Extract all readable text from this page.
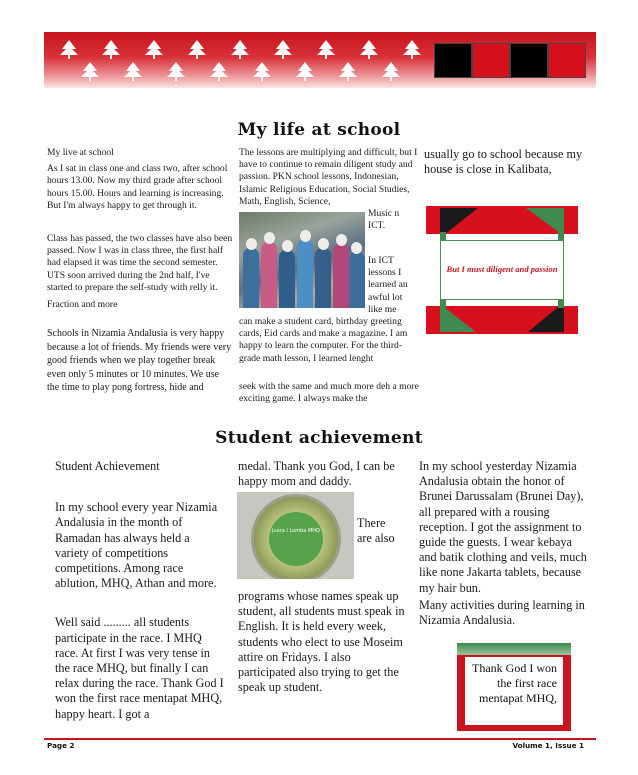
My life at school

My live at school

As I sat in class one and class two, after school hours 13.00. Now my third grade after school hours 15.00. Hours and learning is increasing. But I'm always happy to get through it.

Class has passed, the two classes have also been passed. Now I was in class three, the first half had elapsed it was time the second semester. UTS soon arrived during the 2nd half, I've started to prepare the self-study with relly it.

Fraction and more

Schools in Nizamia Andalusia is very happy because a lot of friends. My friends were very good friends when we play together break even only 5 minutes or 10 minutes. We use the time to play pong fortress, hide and

The lessons are multiplying and difficult, but I have to continue to remain diligent study and passion. PKN school lessons, Indonesian, Islamic Religious Education, Social Studies, Math, English, Science,

Music n ICT.
In ICT lessons I learned an awful lot like me
can make a student card, birthday greeting cards, Eid cards and make a magazine. I am happy to learn the computer. For the third-grade math lesson, I learned lenght
seek with the same and much more deh a more exciting game. I always make the
usually go to school because my house is close in Kalibata,
But I must diligent and passion
Student achievement

Student Achievement

In my school every year Nizamia Andalusia in the month of Ramadan has always held a variety of competitions competitions. Among race ablution, MHQ, Athan and more.

Well said ......... all students participate in the race. I MHQ race. At first I was very tense in the race MHQ, but finally I can relax during the race. Thank God I won the first race mentapat MHQ, happy heart. I got a

medal. Thank you God, I can be happy mom and daddy.
There are also
programs whose names speak up student, all students must speak in English. It is held every week, students who elect to use Moseim attire on Fridays. I also participated also trying to get the speak up student.
Juara I Lomba MHQ

In my school yesterday Nizamia Andalusia obtain the honor of Brunei Darussalam (Brunei Day), all prepared with a rousing reception. I got the assignment to guide the guests. I wear kebaya and batik clothing and veils, much like none Jakarta tablets, because my hair bun.

Many activities during learning in Nizamia Andalusia.

Thank God I won the first race mentapat MHQ,
Page 2	Volume 1, Issue 1
